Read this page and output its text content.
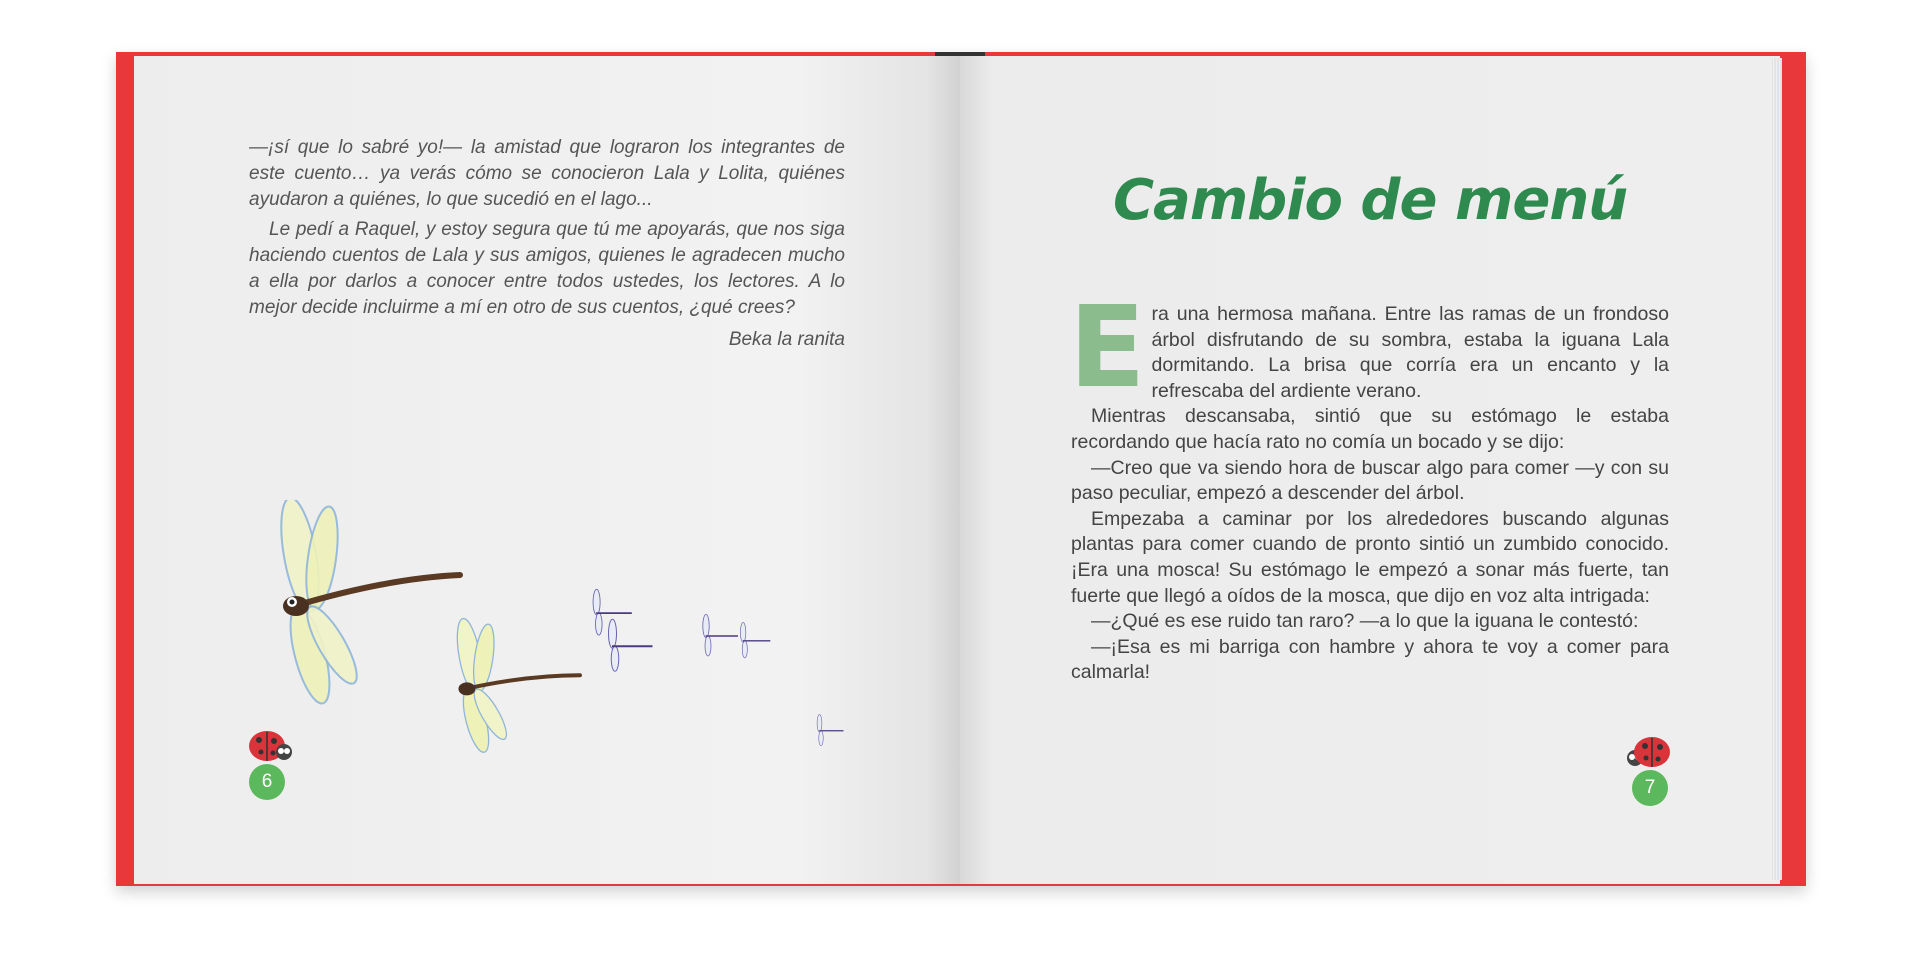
—¡sí que lo sabré yo!— la amistad que lograron los integrantes de este cuento… ya verás cómo se conocieron Lala y Lolita, quiénes ayudaron a quiénes, lo que sucedió en el lago...

Le pedí a Raquel, y estoy segura que tú me apoyarás, que nos siga haciendo cuentos de Lala y sus amigos, quienes le agradecen mucho a ella por darlos a conocer entre todos ustedes, los lectores. A lo mejor decide incluirme a mí en otro de sus cuentos, ¿qué crees?

Beka la ranita

6
Cambio de menú

Era una hermosa mañana. Entre las ramas de un frondoso árbol disfrutando de su sombra, estaba la iguana Lala dormitando. La brisa que corría era un encanto y la refrescaba del ardiente verano.

Mientras descansaba, sintió que su estómago le estaba recordando que hacía rato no comía un bocado y se dijo:

—Creo que va siendo hora de buscar algo para comer —y con su paso peculiar, empezó a descender del árbol.

Empezaba a caminar por los alrededores buscando algunas plantas para comer cuando de pronto sintió un zumbido conocido. ¡Era una mosca! Su estómago le empezó a sonar más fuerte, tan fuerte que llegó a oídos de la mosca, que dijo en voz alta intrigada:

—¿Qué es ese ruido tan raro? —a lo que la iguana le contestó:

—¡Esa es mi barriga con hambre y ahora te voy a comer para calmarla!

7
